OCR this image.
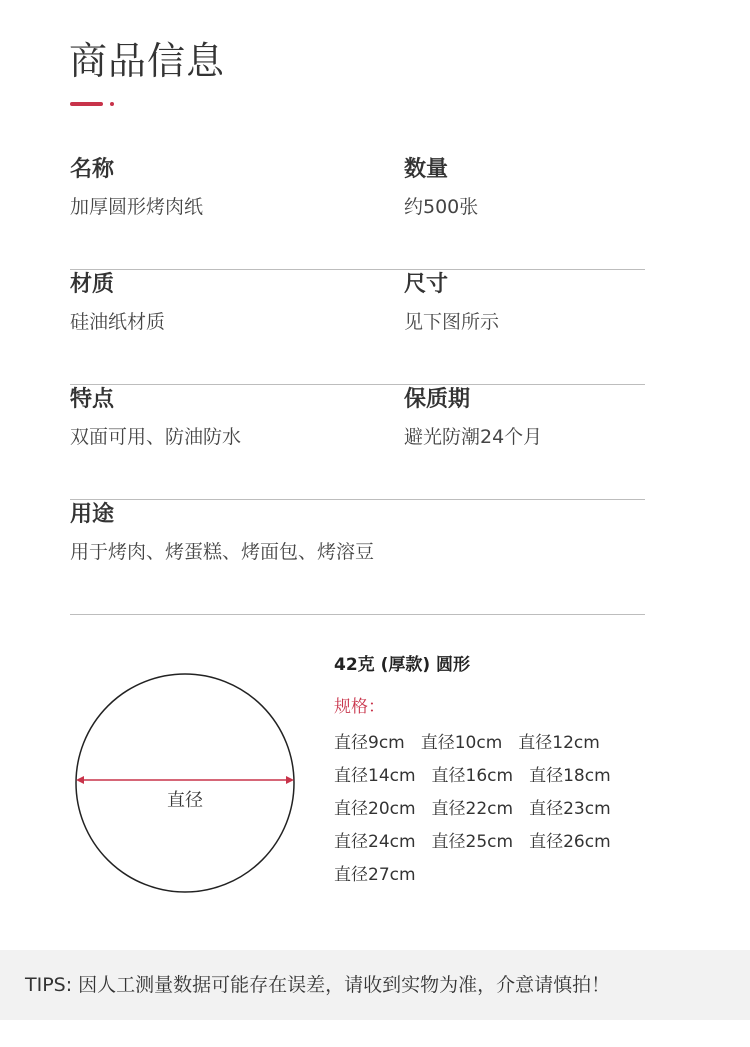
商品信息
名称
加厚圆形烤肉纸
数量
约500张
材质
硅油纸材质
尺寸
见下图所示
特点
双面可用、防油防水
保质期
避光防潮24个月
用途
用于烤肉、烤蛋糕、烤面包、烤溶豆
直径
42克 (厚款) 圆形
规格：
直径9cm 直径10cm 直径12cm
直径14cm 直径16cm 直径18cm
直径20cm 直径22cm 直径23cm
直径24cm 直径25cm 直径26cm
直径27cm
TIPS: 因人工测量数据可能存在误差，请收到实物为准，介意请慎拍！
